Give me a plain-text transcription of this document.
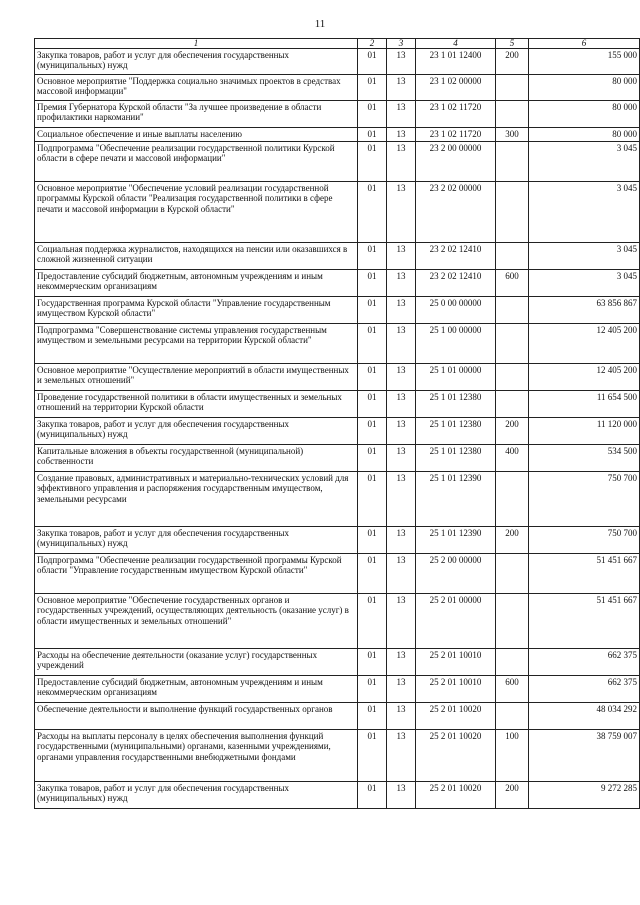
11
1	2	3	4	5	6
Закупка товаров, работ и услуг для обеспечения государственных (муниципальных) нужд	01	13	23 1 01 12400	200	155 000
Основное мероприятие "Поддержка социально значимых проектов в средствах массовой информации"	01	13	23 1 02 00000		80 000
Премия Губернатора Курской области "За лучшее произведение в области профилактики наркомании"	01	13	23 1 02 11720		80 000
Социальное обеспечение и иные выплаты населению	01	13	23 1 02 11720	300	80 000
Подпрограмма "Обеспечение реализации государственной политики Курской области в сфере печати и массовой информации"	01	13	23 2 00 00000		3 045
Основное мероприятие "Обеспечение условий реализации государственной программы Курской области "Реализация государственной политики в сфере печати и массовой информации в Курской области"	01	13	23 2 02 00000		3 045
Социальная поддержка журналистов, находящихся на пенсии или оказавшихся в сложной жизненной ситуации	01	13	23 2 02 12410		3 045
Предоставление субсидий бюджетным, автономным учреждениям и иным некоммерческим организациям	01	13	23 2 02 12410	600	3 045
Государственная программа Курской области "Управление государственным имуществом Курской области"	01	13	25 0 00 00000		63 856 867
Подпрограмма "Совершенствование системы управления государственным имуществом и земельными ресурсами на территории Курской области"	01	13	25 1 00 00000		12 405 200
Основное мероприятие "Осуществление мероприятий в области имущественных и земельных отношений"	01	13	25 1 01 00000		12 405 200
Проведение государственной политики в области имущественных и земельных отношений на территории Курской области	01	13	25 1 01 12380		11 654 500
Закупка товаров, работ и услуг для обеспечения государственных (муниципальных) нужд	01	13	25 1 01 12380	200	11 120 000
Капитальные вложения в объекты государственной (муниципальной) собственности	01	13	25 1 01 12380	400	534 500
Создание правовых, административных и материально-технических условий для эффективного управления и распоряжения государственным имуществом, земельными ресурсами	01	13	25 1 01 12390		750 700
Закупка товаров, работ и услуг для обеспечения государственных (муниципальных) нужд	01	13	25 1 01 12390	200	750 700
Подпрограмма "Обеспечение реализации государственной программы Курской области "Управление государственным имуществом Курской области"	01	13	25 2 00 00000		51 451 667
Основное мероприятие "Обеспечение государственных органов и государственных учреждений, осуществляющих деятельность (оказание услуг) в области имущественных и земельных отношений"	01	13	25 2 01 00000		51 451 667
Расходы на обеспечение деятельности (оказание услуг) государственных учреждений	01	13	25 2 01 10010		662 375
Предоставление субсидий бюджетным, автономным учреждениям и иным некоммерческим организациям	01	13	25 2 01 10010	600	662 375
Обеспечение деятельности и выполнение функций государственных органов	01	13	25 2 01 10020		48 034 292
Расходы на выплаты персоналу в целях обеспечения выполнения функций государственными (муниципальными) органами, казенными учреждениями, органами управления государственными внебюджетными фондами	01	13	25 2 01 10020	100	38 759 007
Закупка товаров, работ и услуг для обеспечения государственных (муниципальных) нужд	01	13	25 2 01 10020	200	9 272 285
